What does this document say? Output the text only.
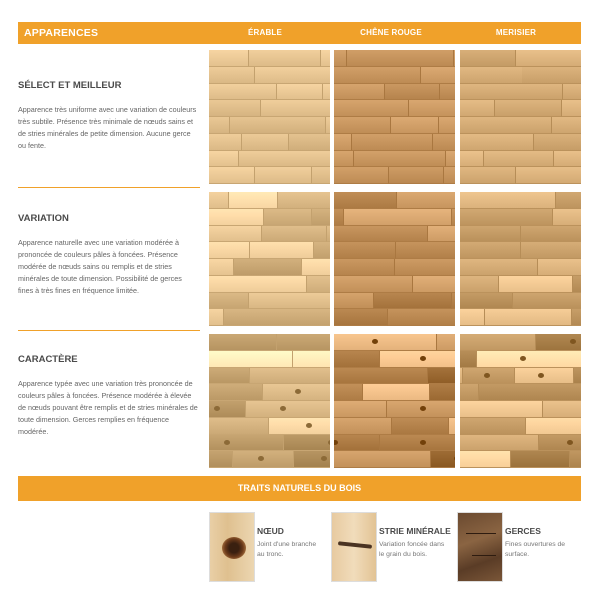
APPARENCES	ÉRABLE	CHÊNE ROUGE	MERISIER
SÉLECT ET MEILLEUR
Apparence très uniforme avec une variation de couleurs très subtile. Présence très minimale de nœuds sains et de stries minérales de petite dimension. Aucune gerce ou fente.
VARIATION
Apparence naturelle avec une variation modérée à prononcée de couleurs pâles à foncées. Présence modérée de nœuds sains ou remplis et de stries minérales de toute dimension. Possibilité de gerces fines à très fines en fréquence limitée.
CARACTÈRE
Apparence typée avec une variation très prononcée de couleurs pâles à foncées. Présence modérée à élevée de nœuds pouvant être remplis et de stries minérales de toute dimension. Gerces remplies en fréquence modérée.
TRAITS NATURELS DU BOIS
NŒUD
Joint d'une branche au tronc.
STRIE MINÉRALE
Variation foncée dans le grain du bois.
GERCES
Fines ouvertures de surface.
